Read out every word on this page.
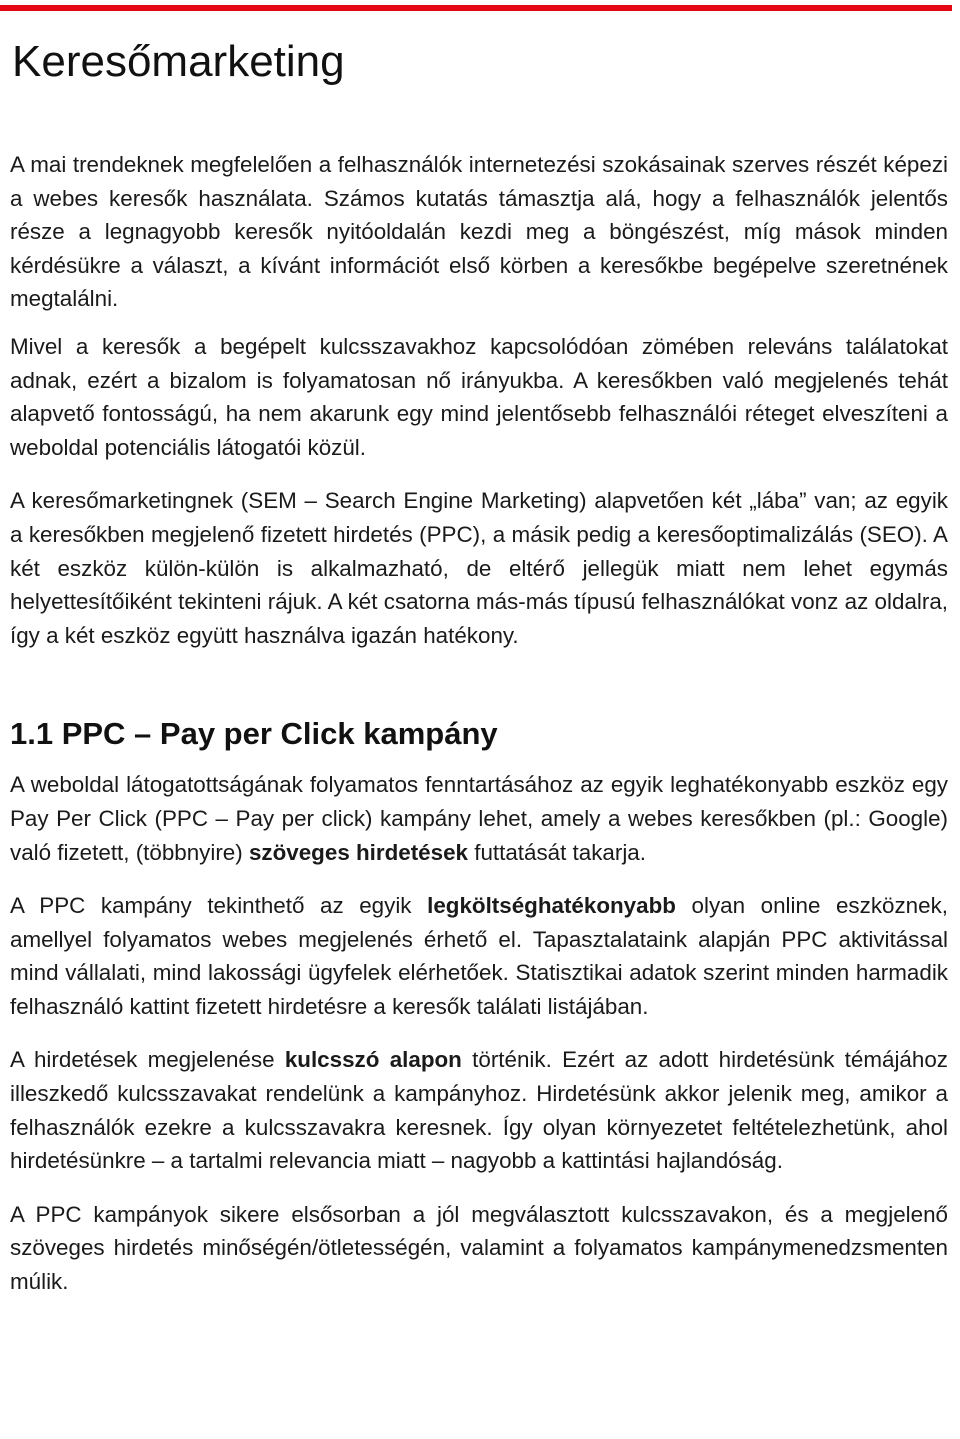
Keresőmarketing

A mai trendeknek megfelelően a felhasználók internetezési szokásainak szerves részét képezi a webes keresők használata. Számos kutatás támasztja alá, hogy a felhasználók jelentős része a legnagyobb keresők nyitóoldalán kezdi meg a böngészést, míg mások minden kérdésükre a választ, a kívánt információt első körben a keresőkbe begépelve szeretnének megtalálni.

Mivel a keresők a begépelt kulcsszavakhoz kapcsolódóan zömében releváns találatokat adnak, ezért a bizalom is folyamatosan nő irányukba. A keresőkben való megjelenés tehát alapvető fontosságú, ha nem akarunk egy mind jelentősebb felhasználói réteget elveszíteni a weboldal potenciális látogatói közül.

A keresőmarketingnek (SEM – Search Engine Marketing) alapvetően két „lába” van; az egyik a keresőkben megjelenő fizetett hirdetés (PPC), a másik pedig a keresőoptimalizálás (SEO). A két eszköz külön-külön is alkalmazható, de eltérő jellegük miatt nem lehet egymás helyettesítőiként tekinteni rájuk. A két csatorna más-más típusú felhasználókat vonz az oldalra, így a két eszköz együtt használva igazán hatékony.

1.1 PPC – Pay per Click kampány

A weboldal látogatottságának folyamatos fenntartásához az egyik leghatékonyabb eszköz egy Pay Per Click (PPC – Pay per click) kampány lehet, amely a webes keresőkben (pl.: Google) való fizetett, (többnyire) szöveges hirdetések futtatását takarja.

A PPC kampány tekinthető az egyik legköltséghatékonyabb olyan online eszköznek, amellyel folyamatos webes megjelenés érhető el. Tapasztalataink alapján PPC aktivitással mind vállalati, mind lakossági ügyfelek elérhetőek. Statisztikai adatok szerint minden harmadik felhasználó kattint fizetett hirdetésre a keresők találati listájában.

A hirdetések megjelenése kulcsszó alapon történik. Ezért az adott hirdetésünk témájához illeszkedő kulcsszavakat rendelünk a kampányhoz. Hirdetésünk akkor jelenik meg, amikor a felhasználók ezekre a kulcsszavakra keresnek. Így olyan környezetet feltételezhetünk, ahol hirdetésünkre – a tartalmi relevancia miatt – nagyobb a kattintási hajlandóság.

A PPC kampányok sikere elsősorban a jól megválasztott kulcsszavakon, és a megjelenő szöveges hirdetés minőségén/ötletességén, valamint a folyamatos kampánymenedzsmenten múlik.
